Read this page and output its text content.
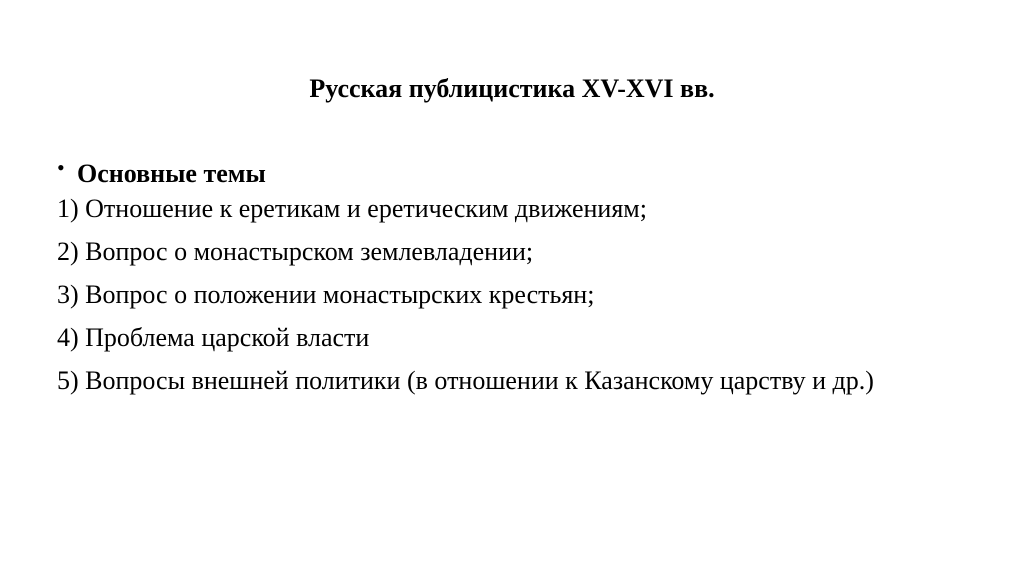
Русская публицистика XV-XVI вв.

• Основные темы

1) Отношение к еретикам и еретическим движениям;
2) Вопрос о монастырском землевладении;
3) Вопрос о положении монастырских крестьян;
4) Проблема царской власти
5) Вопросы внешней политики (в отношении к Казанскому царству и др.)
